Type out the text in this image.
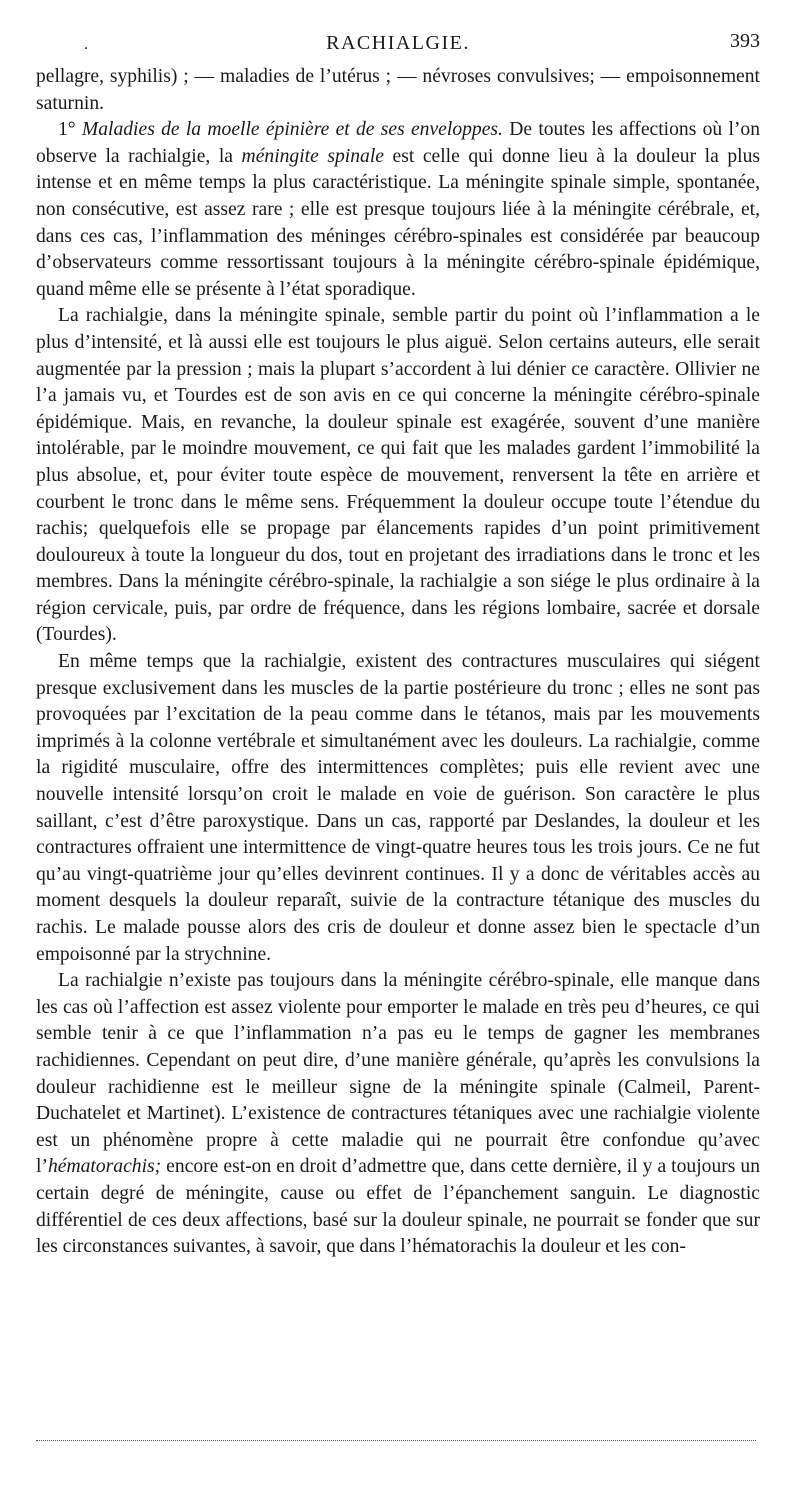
.	RACHIALGIE.	393

pellagre, syphilis) ; — maladies de l’utérus ; — névroses convulsives; — empoisonnement saturnin.

1° Maladies de la moelle épinière et de ses enveloppes. De toutes les affections où l’on observe la rachialgie, la méningite spinale est celle qui donne lieu à la douleur la plus intense et en même temps la plus caractéristique. La méningite spinale simple, spontanée, non consécutive, est assez rare ; elle est presque toujours liée à la méningite cérébrale, et, dans ces cas, l’inflammation des méninges cérébro-spinales est considérée par beaucoup d’observateurs comme ressortissant toujours à la méningite cérébro-spinale épidémique, quand même elle se présente à l’état sporadique.

La rachialgie, dans la méningite spinale, semble partir du point où l’inflammation a le plus d’intensité, et là aussi elle est toujours le plus aiguë. Selon certains auteurs, elle serait augmentée par la pression ; mais la plupart s’accordent à lui dénier ce caractère. Ollivier ne l’a jamais vu, et Tourdes est de son avis en ce qui concerne la méningite cérébro-spinale épidémique. Mais, en revanche, la douleur spinale est exagérée, souvent d’une manière intolérable, par le moindre mouvement, ce qui fait que les malades gardent l’immobilité la plus absolue, et, pour éviter toute espèce de mouvement, renversent la tête en arrière et courbent le tronc dans le même sens. Fréquemment la douleur occupe toute l’étendue du rachis; quelquefois elle se propage par élancements rapides d’un point primitivement douloureux à toute la longueur du dos, tout en projetant des irradiations dans le tronc et les membres. Dans la méningite cérébro-spinale, la rachialgie a son siége le plus ordinaire à la région cervicale, puis, par ordre de fréquence, dans les régions lombaire, sacrée et dorsale (Tourdes).

En même temps que la rachialgie, existent des contractures musculaires qui siégent presque exclusivement dans les muscles de la partie postérieure du tronc ; elles ne sont pas provoquées par l’excitation de la peau comme dans le tétanos, mais par les mouvements imprimés à la colonne vertébrale et simultanément avec les douleurs. La rachialgie, comme la rigidité musculaire, offre des intermittences complètes; puis elle revient avec une nouvelle intensité lorsqu’on croit le malade en voie de guérison. Son caractère le plus saillant, c’est d’être paroxystique. Dans un cas, rapporté par Deslandes, la douleur et les contractures offraient une intermittence de vingt-quatre heures tous les trois jours. Ce ne fut qu’au vingt-quatrième jour qu’elles devinrent continues. Il y a donc de véritables accès au moment desquels la douleur reparaît, suivie de la contracture tétanique des muscles du rachis. Le malade pousse alors des cris de douleur et donne assez bien le spectacle d’un empoisonné par la strychnine.

La rachialgie n’existe pas toujours dans la méningite cérébro-spinale, elle manque dans les cas où l’affection est assez violente pour emporter le malade en très peu d’heures, ce qui semble tenir à ce que l’inflammation n’a pas eu le temps de gagner les membranes rachidiennes. Cependant on peut dire, d’une manière générale, qu’après les convulsions la douleur rachidienne est le meilleur signe de la méningite spinale (Calmeil, Parent-Duchatelet et Martinet). L’existence de contractures tétaniques avec une rachialgie violente est un phénomène propre à cette maladie qui ne pourrait être confondue qu’avec l’hématorachis; encore est-on en droit d’admettre que, dans cette dernière, il y a toujours un certain degré de méningite, cause ou effet de l’épanchement sanguin. Le diagnostic différentiel de ces deux affections, basé sur la douleur spinale, ne pourrait se fonder que sur les circonstances suivantes, à savoir, que dans l’hématorachis la douleur et les con-
